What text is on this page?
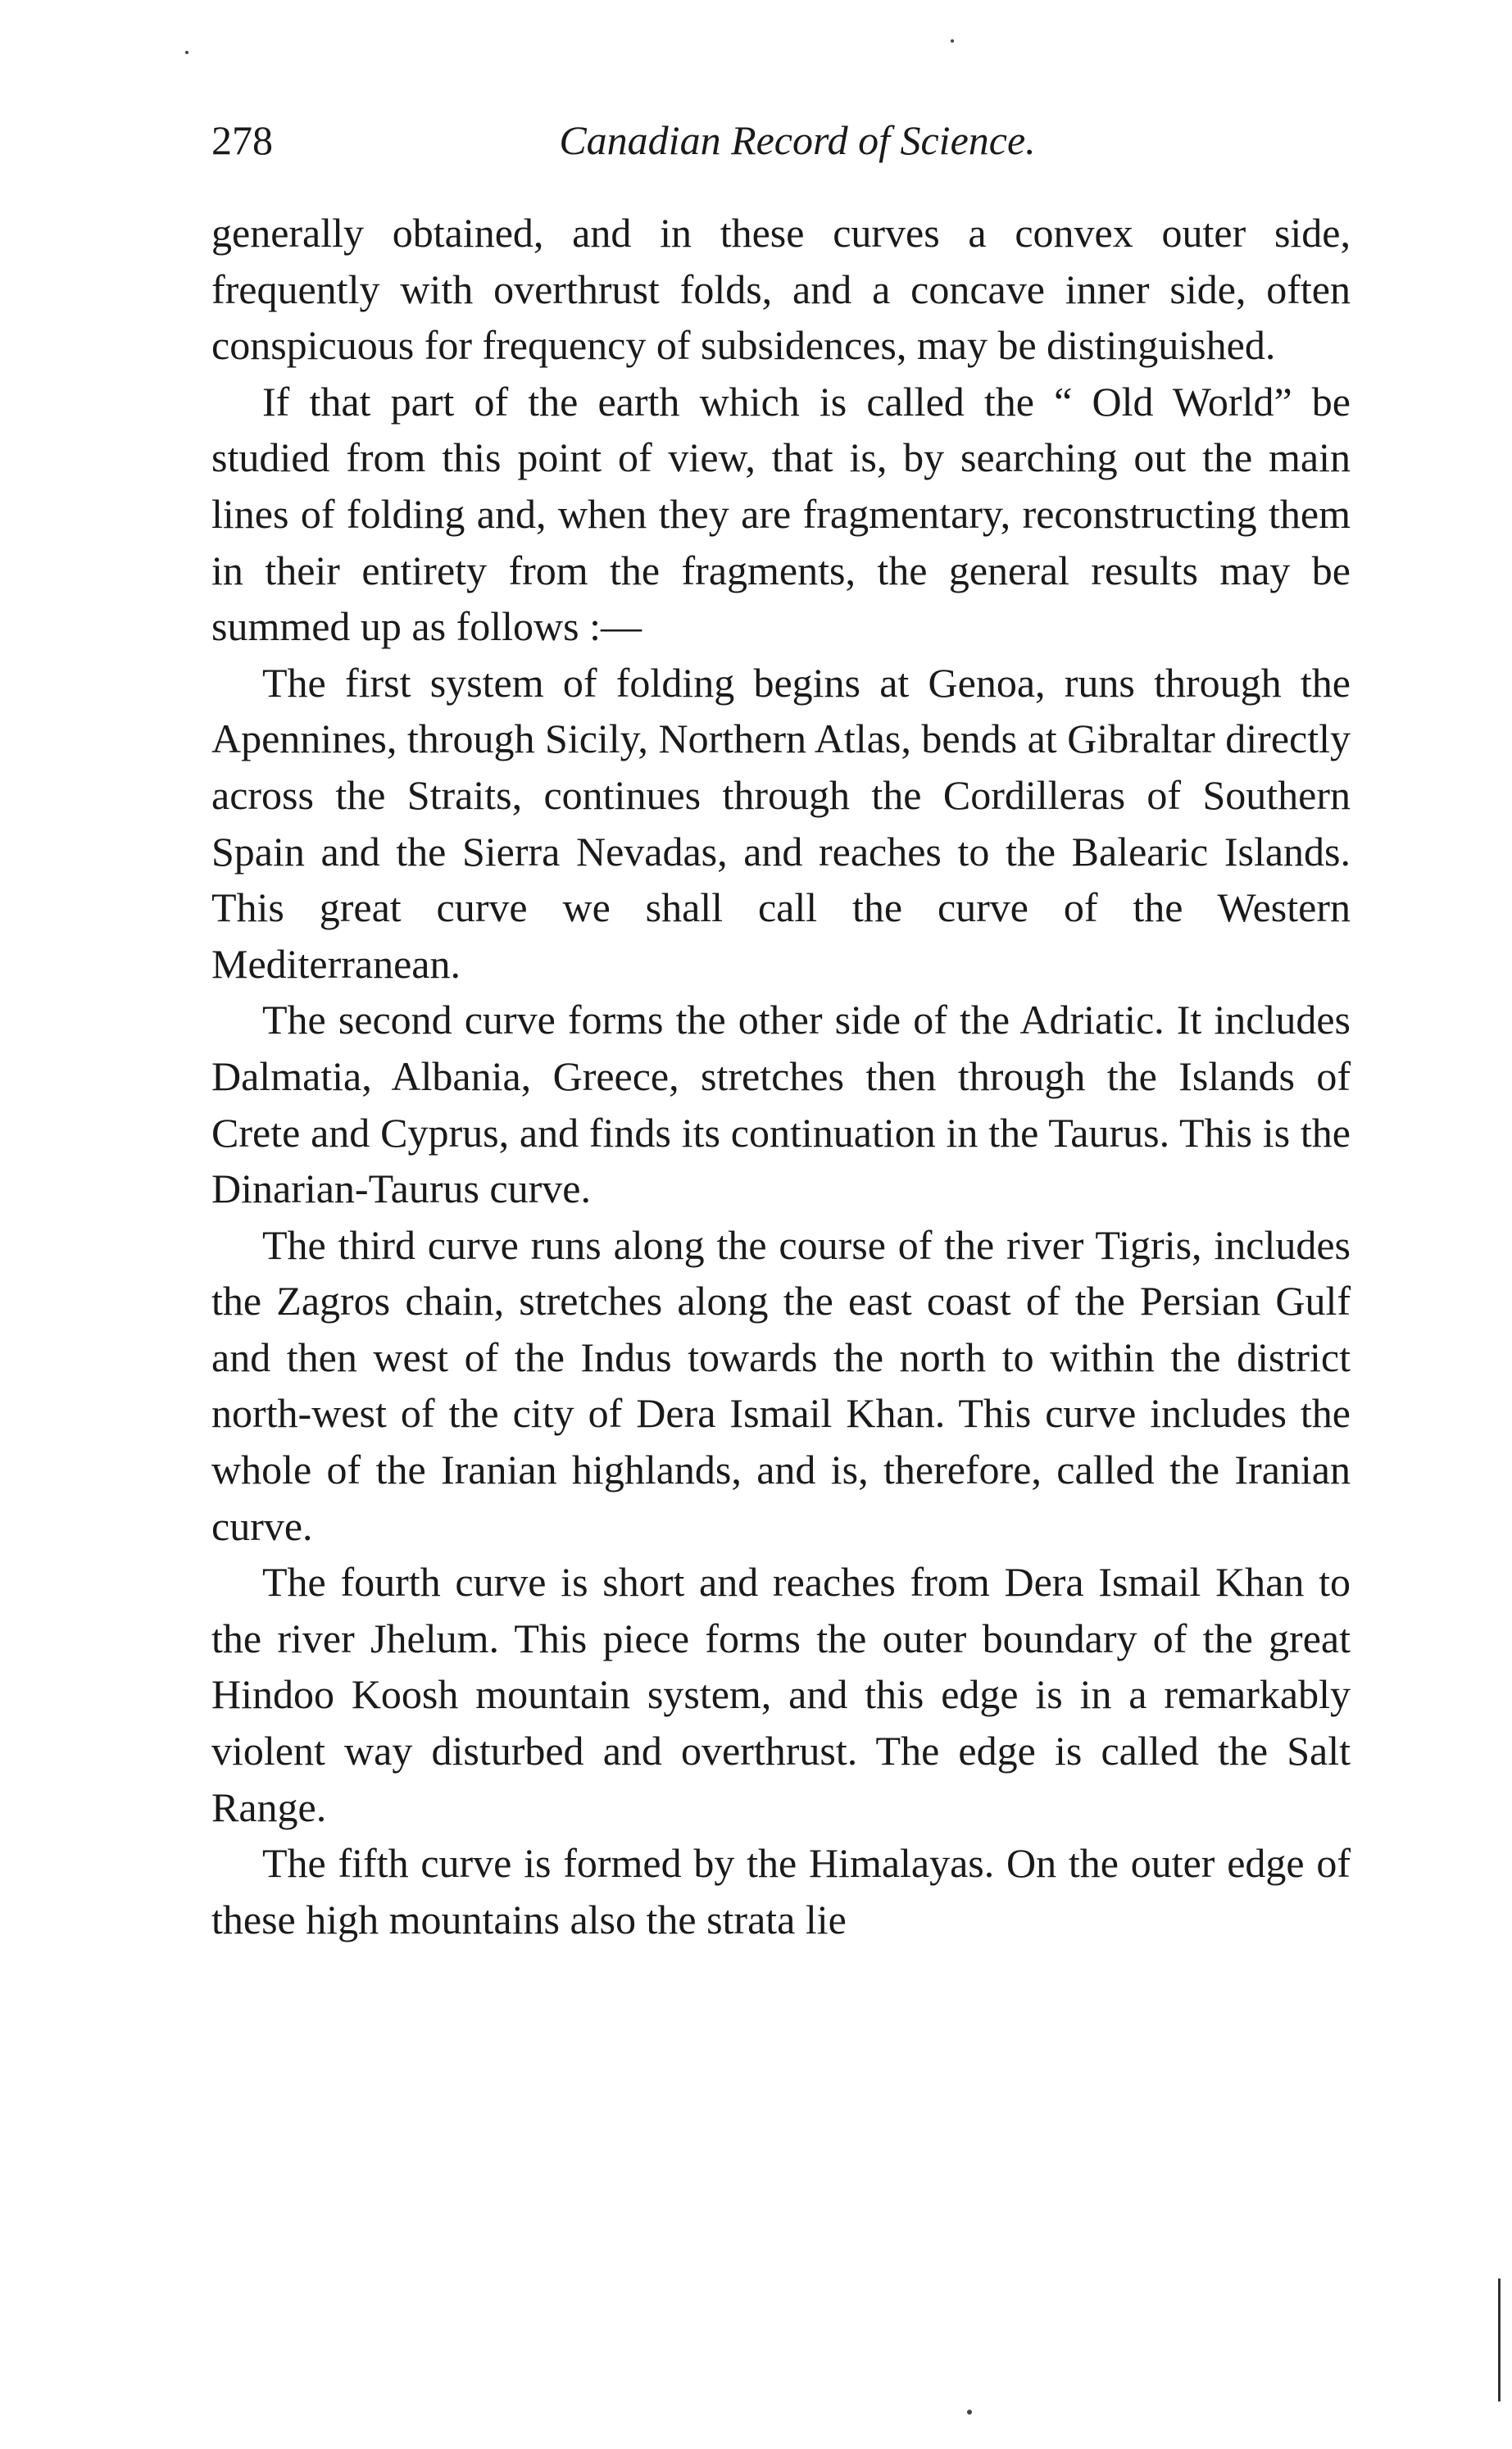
278	Canadian Record of Science.

generally obtained, and in these curves a convex outer side, frequently with overthrust folds, and a concave inner side, often conspicuous for frequency of subsidences, may be distinguished.

If that part of the earth which is called the “ Old World” be studied from this point of view, that is, by searching out the main lines of folding and, when they are fragmentary, reconstructing them in their entirety from the fragments, the general results may be summed up as follows :—

The first system of folding begins at Genoa, runs through the Apennines, through Sicily, Northern Atlas, bends at Gibraltar directly across the Straits, continues through the Cordilleras of Southern Spain and the Sierra Nevadas, and reaches to the Balearic Islands. This great curve we shall call the curve of the Western Mediterranean.

The second curve forms the other side of the Adriatic. It includes Dalmatia, Albania, Greece, stretches then through the Islands of Crete and Cyprus, and finds its continuation in the Taurus. This is the Dinarian-Taurus curve.

The third curve runs along the course of the river Tigris, includes the Zagros chain, stretches along the east coast of the Persian Gulf and then west of the Indus towards the north to within the district north-west of the city of Dera Ismail Khan. This curve includes the whole of the Iranian highlands, and is, therefore, called the Iranian curve.

The fourth curve is short and reaches from Dera Ismail Khan to the river Jhelum. This piece forms the outer boundary of the great Hindoo Koosh mountain system, and this edge is in a remarkably violent way disturbed and overthrust. The edge is called the Salt Range.

The fifth curve is formed by the Himalayas. On the outer edge of these high mountains also the strata lie
